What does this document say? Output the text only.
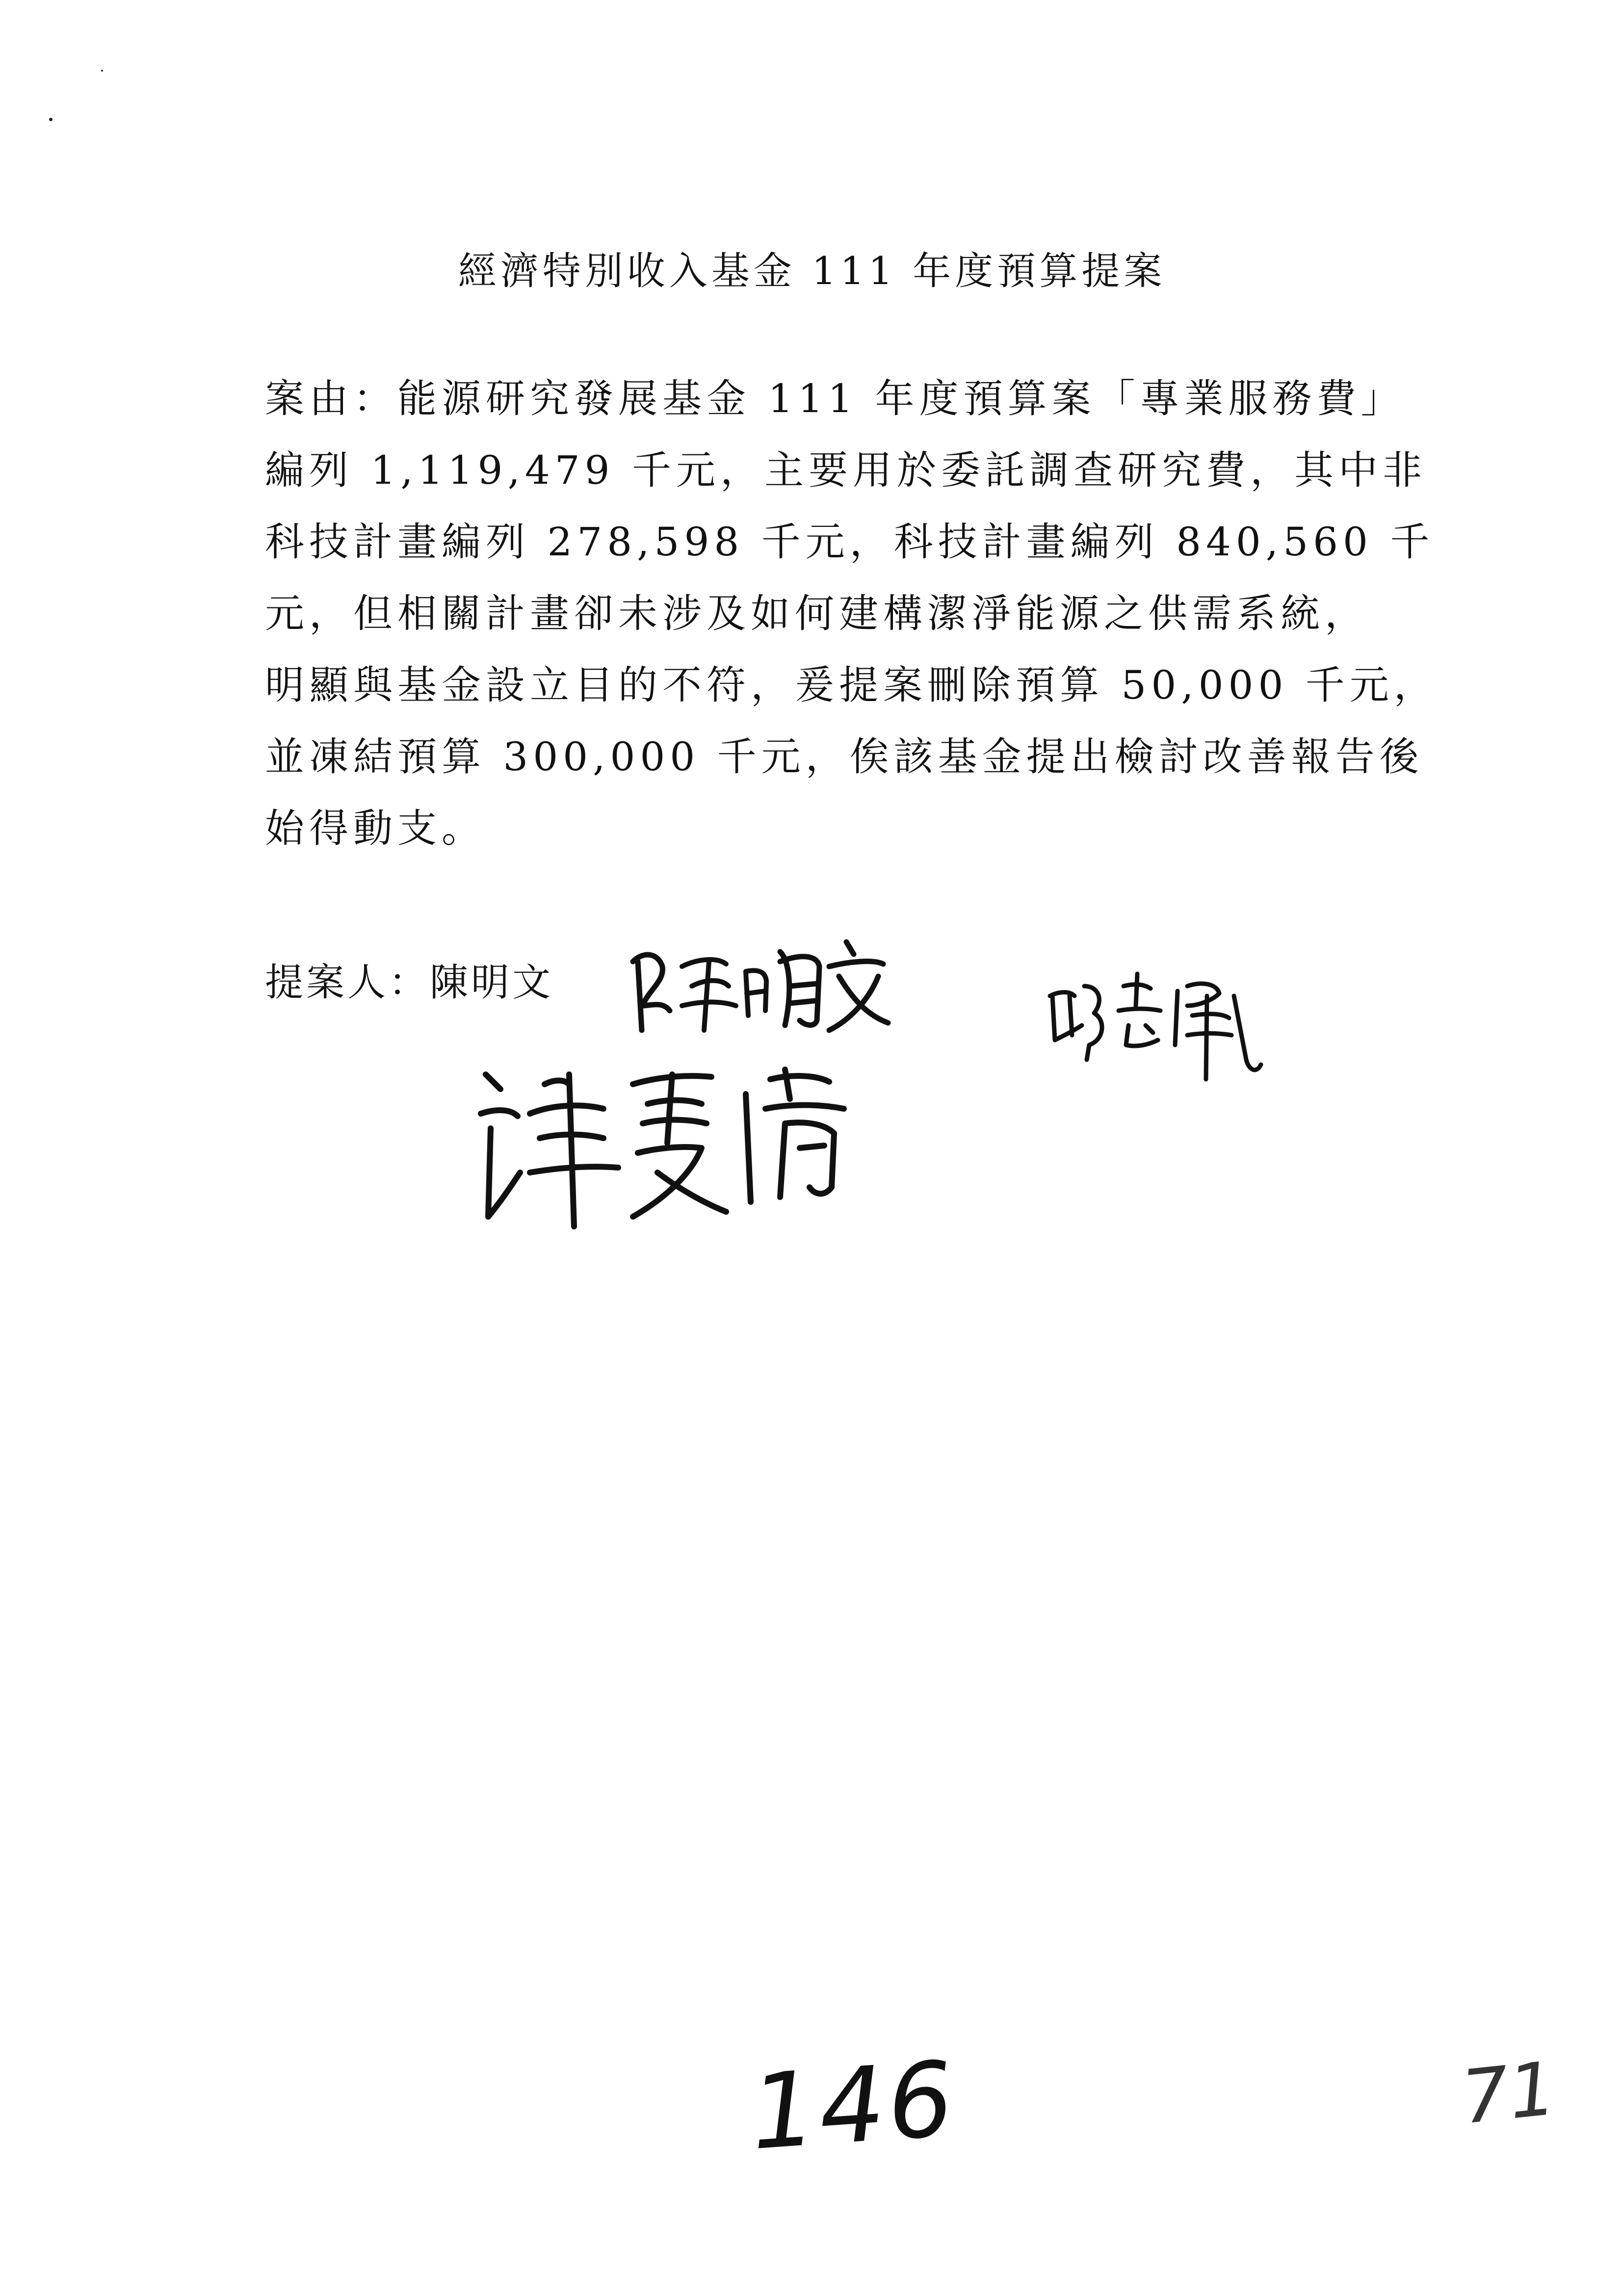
經濟特別收入基金 111 年度預算提案
案由：能源研究發展基金 111 年度預算案「專業服務費」
編列 1,119,479 千元，主要用於委託調查研究費，其中非
科技計畫編列 278,598 千元，科技計畫編列 840,560 千
元，但相關計畫卻未涉及如何建構潔淨能源之供需系統，
明顯與基金設立目的不符，爰提案刪除預算 50,000 千元，
並凍結預算 300,000 千元，俟該基金提出檢討改善報告後
始得動支。
提案人：陳明文
146	71
